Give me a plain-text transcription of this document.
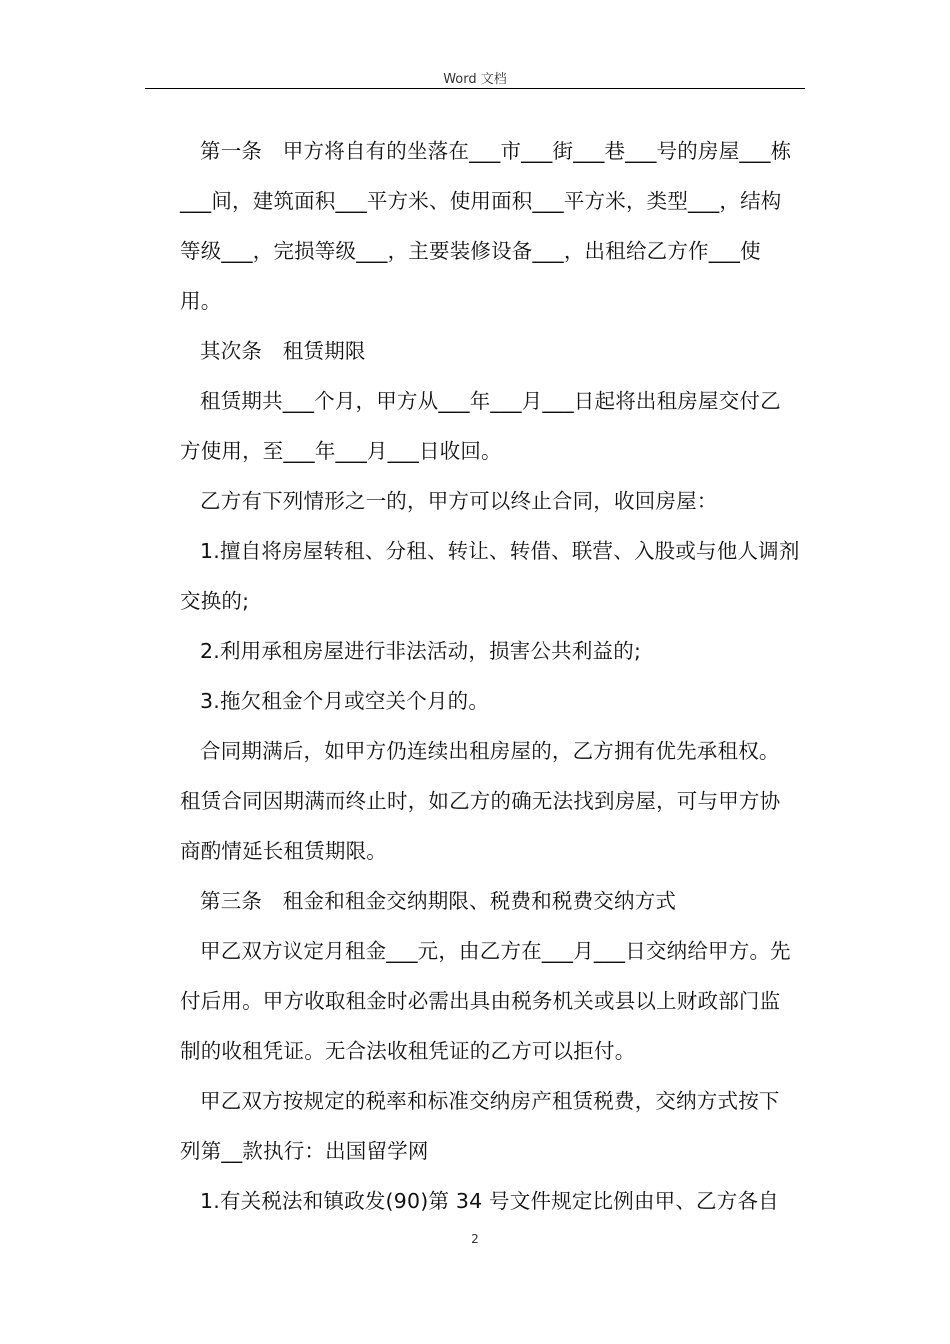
Word 文档

第一条　甲方将自有的坐落在___市___街___巷___号的房屋___栋___间，建筑面积___平方米、使用面积___平方米，类型___，结构等级___，完损等级___，主要装修设备___，出租给乙方作___使用。

其次条　租赁期限

租赁期共___个月，甲方从___年___月___日起将出租房屋交付乙方使用，至___年___月___日收回。

乙方有下列情形之一的，甲方可以终止合同，收回房屋：

1.擅自将房屋转租、分租、转让、转借、联营、入股或与他人调剂交换的;

2.利用承租房屋进行非法活动，损害公共利益的;

3.拖欠租金个月或空关个月的。

合同期满后，如甲方仍连续出租房屋的，乙方拥有优先承租权。租赁合同因期满而终止时，如乙方的确无法找到房屋，可与甲方协商酌情延长租赁期限。

第三条　租金和租金交纳期限、税费和税费交纳方式

甲乙双方议定月租金___元，由乙方在___月___日交纳给甲方。先付后用。甲方收取租金时必需出具由税务机关或县以上财政部门监制的收租凭证。无合法收租凭证的乙方可以拒付。

甲乙双方按规定的税率和标准交纳房产租赁税费，交纳方式按下列第__款执行：出国留学网

1.有关税法和镇政发(90)第 34 号文件规定比例由甲、乙方各自

2
